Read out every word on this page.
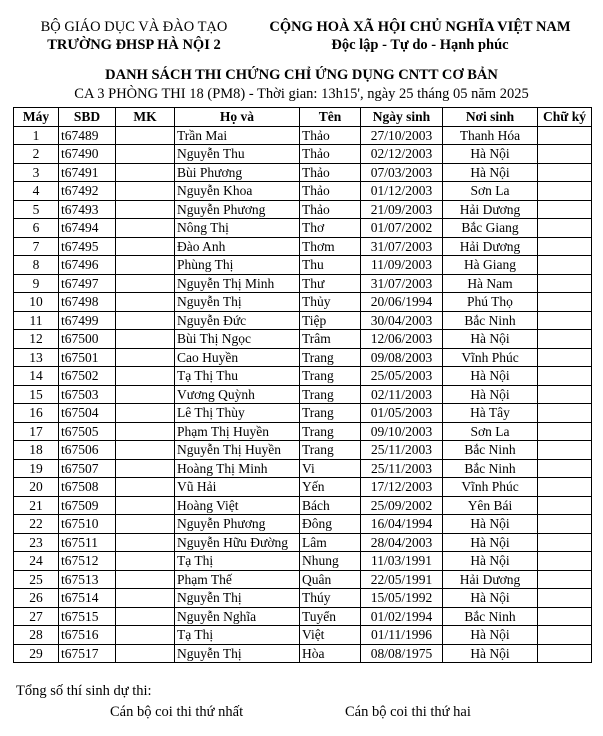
BỘ GIÁO DỤC VÀ ĐÀO TẠO
TRƯỜNG ĐHSP HÀ NỘI 2
CỘNG HOÀ XÃ HỘI CHỦ NGHĨA VIỆT NAM
Độc lập - Tự do - Hạnh phúc
DANH SÁCH THI CHỨNG CHỈ ỨNG DỤNG CNTT CƠ BẢN
CA 3 PHÒNG THI 18 (PM8) - Thời gian: 13h15', ngày 25 tháng 05 năm 2025
Máy	SBD	MK	Họ và	Tên	Ngày sinh	Nơi sinh	Chữ ký
1	t67489		Trần Mai	Thảo	27/10/2003	Thanh Hóa	
2	t67490		Nguyễn Thu	Thảo	02/12/2003	Hà Nội	
3	t67491		Bùi Phương	Thảo	07/03/2003	Hà Nội	
4	t67492		Nguyễn Khoa	Thảo	01/12/2003	Sơn La	
5	t67493		Nguyễn Phương	Thảo	21/09/2003	Hải Dương	
6	t67494		Nông Thị	Thơ	01/07/2002	Bắc Giang	
7	t67495		Đào Anh	Thơm	31/07/2003	Hải Dương	
8	t67496		Phùng Thị	Thu	11/09/2003	Hà Giang	
9	t67497		Nguyễn Thị Minh	Thư	31/07/2003	Hà Nam	
10	t67498		Nguyễn Thị	Thủy	20/06/1994	Phú Thọ	
11	t67499		Nguyễn Đức	Tiệp	30/04/2003	Bắc Ninh	
12	t67500		Bùi Thị Ngọc	Trâm	12/06/2003	Hà Nội	
13	t67501		Cao Huyền	Trang	09/08/2003	Vĩnh Phúc	
14	t67502		Tạ Thị Thu	Trang	25/05/2003	Hà Nội	
15	t67503		Vương Quỳnh	Trang	02/11/2003	Hà Nội	
16	t67504		Lê Thị Thùy	Trang	01/05/2003	Hà Tây	
17	t67505		Phạm Thị Huyền	Trang	09/10/2003	Sơn La	
18	t67506		Nguyễn Thị Huyền	Trang	25/11/2003	Bắc Ninh	
19	t67507		Hoàng Thị Minh	Vi	25/11/2003	Bắc Ninh	
20	t67508		Vũ Hải	Yến	17/12/2003	Vĩnh Phúc	
21	t67509		Hoàng Việt	Bách	25/09/2002	Yên Bái	
22	t67510		Nguyễn Phương	Đông	16/04/1994	Hà Nội	
23	t67511		Nguyễn Hữu Đường	Lâm	28/04/2003	Hà Nội	
24	t67512		Tạ Thị	Nhung	11/03/1991	Hà Nội	
25	t67513		Phạm Thế	Quân	22/05/1991	Hải Dương	
26	t67514		Nguyễn Thị	Thúy	15/05/1992	Hà Nội	
27	t67515		Nguyễn Nghĩa	Tuyển	01/02/1994	Bắc Ninh	
28	t67516		Tạ Thị	Việt	01/11/1996	Hà Nội	
29	t67517		Nguyễn Thị	Hòa	08/08/1975	Hà Nội	
Tổng số thí sinh dự thi:
Cán bộ coi thi thứ nhất	Cán bộ coi thi thứ hai
